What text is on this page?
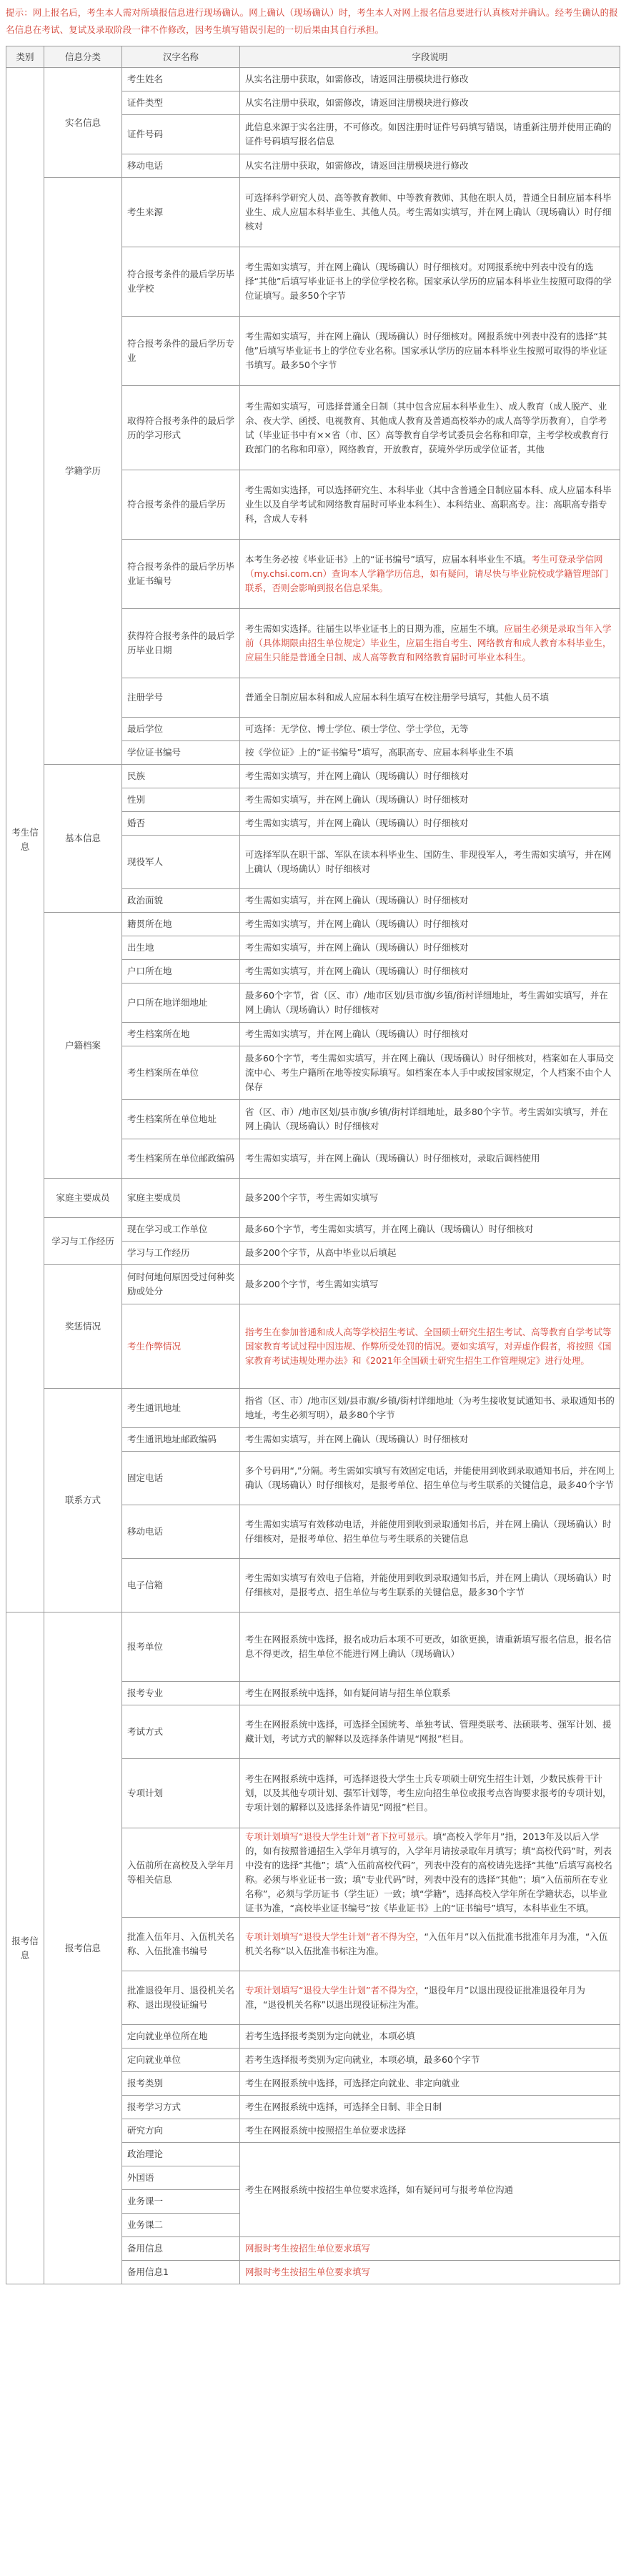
提示：网上报名后，考生本人需对所填报信息进行现场确认。网上确认（现场确认）时，考生本人对网上报名信息要进行认真核对并确认。经考生确认的报名信息在考试、复试及录取阶段一律不作修改，因考生填写错误引起的一切后果由其自行承担。
类别	信息分类	汉字名称	字段说明
考生信息	实名信息	考生姓名	从实名注册中获取，如需修改，请返回注册模块进行修改
		证件类型	从实名注册中获取，如需修改，请返回注册模块进行修改
		证件号码	此信息来源于实名注册，不可修改。如因注册时证件号码填写错误，请重新注册并使用正确的证件号码填写报名信息
		移动电话	从实名注册中获取，如需修改，请返回注册模块进行修改
	学籍学历	考生来源	可选择科学研究人员、高等教育教师、中等教育教师、其他在职人员，普通全日制应届本科毕业生、成人应届本科毕业生、其他人员。考生需如实填写，并在网上确认（现场确认）时仔细核对
		符合报考条件的最后学历毕业学校	考生需如实填写，并在网上确认（现场确认）时仔细核对。对网报系统中列表中没有的选择“其他”后填写毕业证书上的学位学校名称。国家承认学历的应届本科毕业生按照可取得的学位证填写。最多50个字节
		符合报考条件的最后学历专业	考生需如实填写，并在网上确认（现场确认）时仔细核对。网报系统中列表中没有的选择“其他”后填写毕业证书上的学位专业名称。国家承认学历的应届本科毕业生按照可取得的毕业证书填写。最多50个字节
		取得符合报考条件的最后学历的学习形式	考生需如实填写，可选择普通全日制（其中包含应届本科毕业生）、成人教育（成人脱产、业余、夜大学、函授、电视教育、其他成人教育及普通高校举办的成人高等学历教育），自学考试（毕业证书中有××省（市、区）高等教育自学考试委员会名称和印章，主考学校或教育行政部门的名称和印章），网络教育，开放教育，获境外学历或学位证者，其他
		符合报考条件的最后学历	考生需如实选择，可以选择研究生、本科毕业（其中含普通全日制应届本科、成人应届本科毕业生以及自学考试和网络教育届时可毕业本科生）、本科结业、高职高专。注：高职高专指专科，含成人专科
		符合报考条件的最后学历毕业证书编号	本考生务必按《毕业证书》上的“证书编号”填写，应届本科毕业生不填。考生可登录学信网（my.chsi.com.cn）查询本人学籍学历信息，如有疑问，请尽快与毕业院校或学籍管理部门联系，否则会影响到报名信息采集。
		获得符合报考条件的最后学历毕业日期	考生需如实选择。往届生以毕业证书上的日期为准，应届生不填。应届生必须是录取当年入学前（具体期限由招生单位规定）毕业生，应届生指自考生、网络教育和成人教育本科毕业生，应届生只能是普通全日制、成人高等教育和网络教育届时可毕业本科生。
		注册学号	普通全日制应届本科和成人应届本科生填写在校注册学号填写，其他人员不填
		最后学位	可选择：无学位、博士学位、硕士学位、学士学位，无等
		学位证书编号	按《学位证》上的“证书编号”填写，高职高专、应届本科毕业生不填
	基本信息	民族	考生需如实填写，并在网上确认（现场确认）时仔细核对
		性别	考生需如实填写，并在网上确认（现场确认）时仔细核对
		婚否	考生需如实填写，并在网上确认（现场确认）时仔细核对
		现役军人	可选择军队在职干部、军队在读本科毕业生、国防生、非现役军人，考生需如实填写，并在网上确认（现场确认）时仔细核对
		政治面貌	考生需如实填写，并在网上确认（现场确认）时仔细核对
	户籍档案	籍贯所在地	考生需如实填写，并在网上确认（现场确认）时仔细核对
		出生地	考生需如实填写，并在网上确认（现场确认）时仔细核对
		户口所在地	考生需如实填写，并在网上确认（现场确认）时仔细核对
		户口所在地详细地址	最多60个字节，省（区、市）/地市区划/县市旗/乡镇/街村详细地址，考生需如实填写，并在网上确认（现场确认）时仔细核对
		考生档案所在地	考生需如实填写，并在网上确认（现场确认）时仔细核对
		考生档案所在单位	最多60个字节，考生需如实填写，并在网上确认（现场确认）时仔细核对，档案如在人事局交流中心、考生户籍所在地等按实际填写。如档案在本人手中或按国家规定，个人档案不由个人保存
		考生档案所在单位地址	省（区、市）/地市区划/县市旗/乡镇/街村详细地址，最多80个字节。考生需如实填写，并在网上确认（现场确认）时仔细核对
		考生档案所在单位邮政编码	考生需如实填写，并在网上确认（现场确认）时仔细核对，录取后调档使用
	家庭主要成员	家庭主要成员	最多200个字节，考生需如实填写
	学习与工作经历	现在学习或工作单位	最多60个字节，考生需如实填写，并在网上确认（现场确认）时仔细核对
		学习与工作经历	最多200个字节，从高中毕业以后填起
	奖惩情况	何时何地何原因受过何种奖励或处分	最多200个字节，考生需如实填写
		考生作弊情况	指考生在参加普通和成人高等学校招生考试、全国硕士研究生招生考试、高等教育自学考试等国家教育考试过程中因违规、作弊所受处罚的情况。要如实填写，对弄虚作假者，将按照《国家教育考试违规处理办法》和《2021年全国硕士研究生招生工作管理规定》进行处理。
	联系方式	考生通讯地址	指省（区、市）/地市区划/县市旗/乡镇/街村详细地址（为考生接收复试通知书、录取通知书的地址，考生必须写明），最多80个字节
		考生通讯地址邮政编码	考生需如实填写，并在网上确认（现场确认）时仔细核对
		固定电话	多个号码用“,”分隔。考生需如实填写有效固定电话，并能使用到收到录取通知书后，并在网上确认（现场确认）时仔细核对，是报考单位、招生单位与考生联系的关键信息，最多40个字节
		移动电话	考生需如实填写有效移动电话，并能使用到收到录取通知书后，并在网上确认（现场确认）时仔细核对，是报考单位、招生单位与考生联系的关键信息
		电子信箱	考生需如实填写有效电子信箱，并能使用到收到录取通知书后，并在网上确认（现场确认）时仔细核对，是报考点、招生单位与考生联系的关键信息，最多30个字节
报考信息	报考信息	报考单位	考生在网报系统中选择，报名成功后本项不可更改，如欲更换，请重新填写报名信息，报名信息不得更改，招生单位不能进行网上确认（现场确认）
		报考专业	考生在网报系统中选择，如有疑问请与招生单位联系
		考试方式	考生在网报系统中选择，可选择全国统考、单独考试、管理类联考、法硕联考、强军计划、援藏计划，考试方式的解释以及选择条件请见“网报”栏目。
		专项计划	考生在网报系统中选择，可选择退役大学生士兵专项硕士研究生招生计划，少数民族骨干计划，以及其他专项计划、强军计划等，考生应向招生单位或报考点咨询要求报考的专项计划，专项计划的解释以及选择条件请见“网报”栏目。
		入伍前所在高校及入学年月等相关信息	专项计划填写“退役大学生计划”者下拉可显示。填“高校入学年月”指，2013年及以后入学的，如有按照普通招生入学年月填写的，入学年月请按录取年月填写；填“高校代码”时，列表中没有的选择“其他”；填“入伍前高校代码”，列表中没有的高校请先选择“其他”后填写高校名称。必须与毕业证书一致；填“专业代码”时，列表中没有的选择“其他”；填“入伍前所在专业名称”，必须与学历证书（学生证）一致；填“学籍”，选择高校入学年所在学籍状态，以毕业证书为准，“高校毕业证书编号”按《毕业证书》上的“证书编号”填写，本科毕业生不填。
		批准入伍年月、入伍机关名称、入伍批准书编号	专项计划填写“退役大学生计划”者不得为空，“入伍年月”以入伍批准书批准年月为准，“入伍机关名称”以入伍批准书标注为准。
		批准退役年月、退役机关名称、退出现役证编号	专项计划填写“退役大学生计划”者不得为空，“退役年月”以退出现役证批准退役年月为准，“退役机关名称”以退出现役证标注为准。
		定向就业单位所在地	若考生选择报考类别为定向就业，本项必填
		定向就业单位	若考生选择报考类别为定向就业，本项必填，最多60个字节
		报考类别	考生在网报系统中选择，可选择定向就业、非定向就业
		报考学习方式	考生在网报系统中选择，可选择全日制、非全日制
		研究方向	考生在网报系统中按照招生单位要求选择
		政治理论	考生在网报系统中按招生单位要求选择，如有疑问可与报考单位沟通
		外国语	
		业务课一	
		业务课二	
		备用信息	网报时考生按招生单位要求填写
		备用信息1	网报时考生按招生单位要求填写
